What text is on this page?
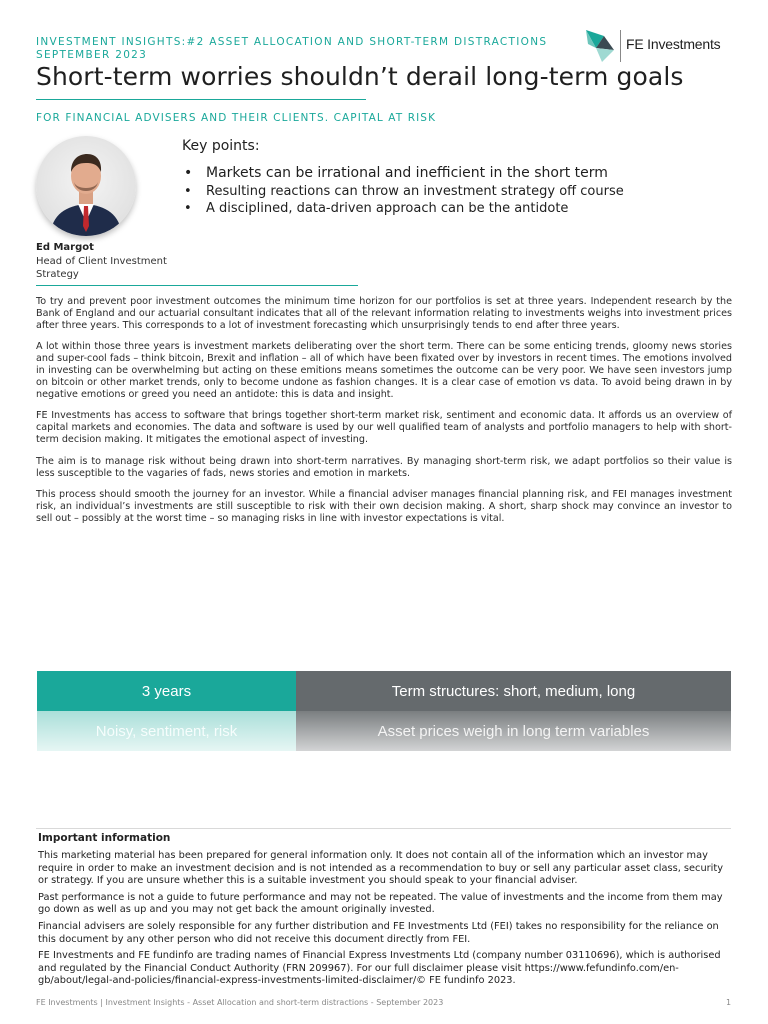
INVESTMENT INSIGHTS:#2 ASSET ALLOCATION AND SHORT-TERM DISTRACTIONS
SEPTEMBER 2023
FE Investments
Short-term worries shouldn’t derail long-term goals
FOR FINANCIAL ADVISERS AND THEIR CLIENTS. CAPITAL AT RISK
Key points:
• Markets can be irrational and inefficient in the short term
• Resulting reactions can throw an investment strategy off course
• A disciplined, data-driven approach can be the antidote
Ed Margot
Head of Client Investment Strategy

To try and prevent poor investment outcomes the minimum time horizon for our portfolios is set at three years. Independent research by the Bank of England and our actuarial consultant indicates that all of the relevant information relating to investments weighs into investment prices after three years. This corresponds to a lot of investment forecasting which unsurprisingly tends to end after three years.

A lot within those three years is investment markets deliberating over the short term. There can be some enticing trends, gloomy news stories and super-cool fads – think bitcoin, Brexit and inflation – all of which have been fixated over by investors in recent times. The emotions involved in investing can be overwhelming but acting on these emitions means sometimes the outcome can be very poor. We have seen investors jump on bitcoin or other market trends, only to become undone as fashion changes. It is a clear case of emotion vs data. To avoid being drawn in by negative emotions or greed you need an antidote: this is data and insight.

FE Investments has access to software that brings together short-term market risk, sentiment and economic data. It affords us an overview of capital markets and economies. The data and software is used by our well qualified team of analysts and portfolio managers to help with short-term decision making. It mitigates the emotional aspect of investing.

The aim is to manage risk without being drawn into short-term narratives. By managing short-term risk, we adapt portfolios so their value is less susceptible to the vagaries of fads, news stories and emotion in markets.

This process should smooth the journey for an investor. While a financial adviser manages financial planning risk, and FEI manages investment risk, an individual’s investments are still susceptible to risk with their own decision making. A short, sharp shock may convince an investor to sell out – possibly at the worst time – so managing risks in line with investor expectations is vital.

3 years	Term structures: short, medium, long
Noisy, sentiment, risk	Asset prices weigh in long term variables
Important information

This marketing material has been prepared for general information only. It does not contain all of the information which an investor may require in order to make an investment decision and is not intended as a recommendation to buy or sell any particular asset class, security or strategy. If you are unsure whether this is a suitable investment you should speak to your financial adviser.

Past performance is not a guide to future performance and may not be repeated. The value of investments and the income from them may go down as well as up and you may not get back the amount originally invested.

Financial advisers are solely responsible for any further distribution and FE Investments Ltd (FEI) takes no responsibility for the reliance on this document by any other person who did not receive this document directly from FEI.

FE Investments and FE fundinfo are trading names of Financial Express Investments Ltd (company number 03110696), which is authorised and regulated by the Financial Conduct Authority (FRN 209967). For our full disclaimer please visit https://www.fefundinfo.com/en-gb/about/legal-and-policies/financial-express-investments-limited-disclaimer/© FE fundinfo 2023.

FE Investments | Investment Insights - Asset Allocation and short-term distractions - September 2023	1
